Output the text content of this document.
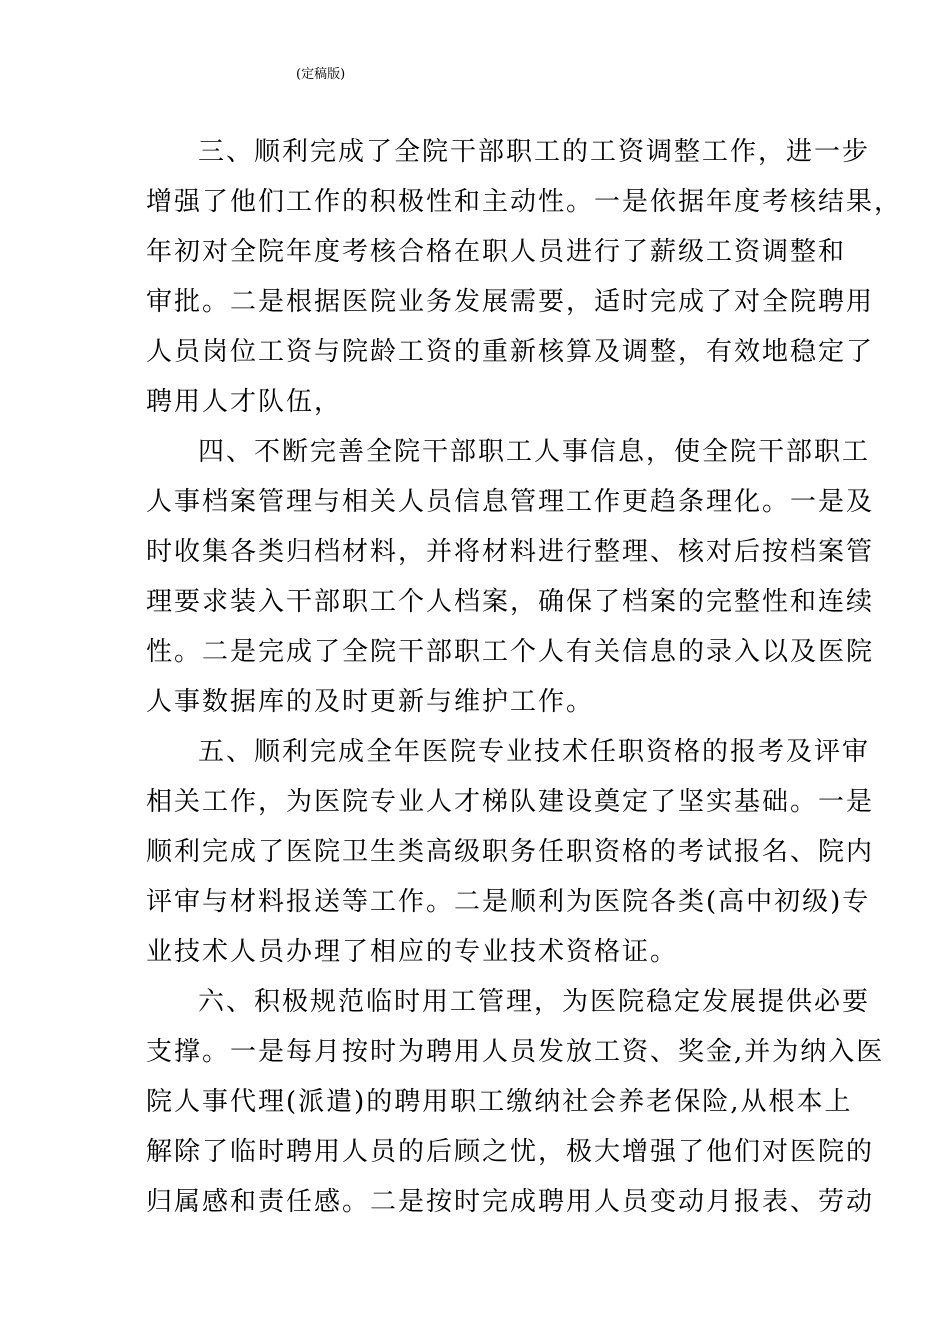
(定稿版)
三、顺利完成了全院干部职工的工资调整工作，进一步
增强了他们工作的积极性和主动性。一是依据年度考核结果，
年初对全院年度考核合格在职人员进行了薪级工资调整和
审批。二是根据医院业务发展需要，适时完成了对全院聘用
人员岗位工资与院龄工资的重新核算及调整，有效地稳定了
聘用人才队伍，
四、不断完善全院干部职工人事信息，使全院干部职工
人事档案管理与相关人员信息管理工作更趋条理化。一是及
时收集各类归档材料，并将材料进行整理、核对后按档案管
理要求装入干部职工个人档案，确保了档案的完整性和连续
性。二是完成了全院干部职工个人有关信息的录入以及医院
人事数据库的及时更新与维护工作。
五、顺利完成全年医院专业技术任职资格的报考及评审
相关工作，为医院专业人才梯队建设奠定了坚实基础。一是
顺利完成了医院卫生类高级职务任职资格的考试报名、院内
评审与材料报送等工作。二是顺利为医院各类(高中初级)专
业技术人员办理了相应的专业技术资格证。
六、积极规范临时用工管理，为医院稳定发展提供必要
支撑。一是每月按时为聘用人员发放工资、奖金,并为纳入医
院人事代理(派遣)的聘用职工缴纳社会养老保险,从根本上
解除了临时聘用人员的后顾之忧，极大增强了他们对医院的
归属感和责任感。二是按时完成聘用人员变动月报表、劳动
